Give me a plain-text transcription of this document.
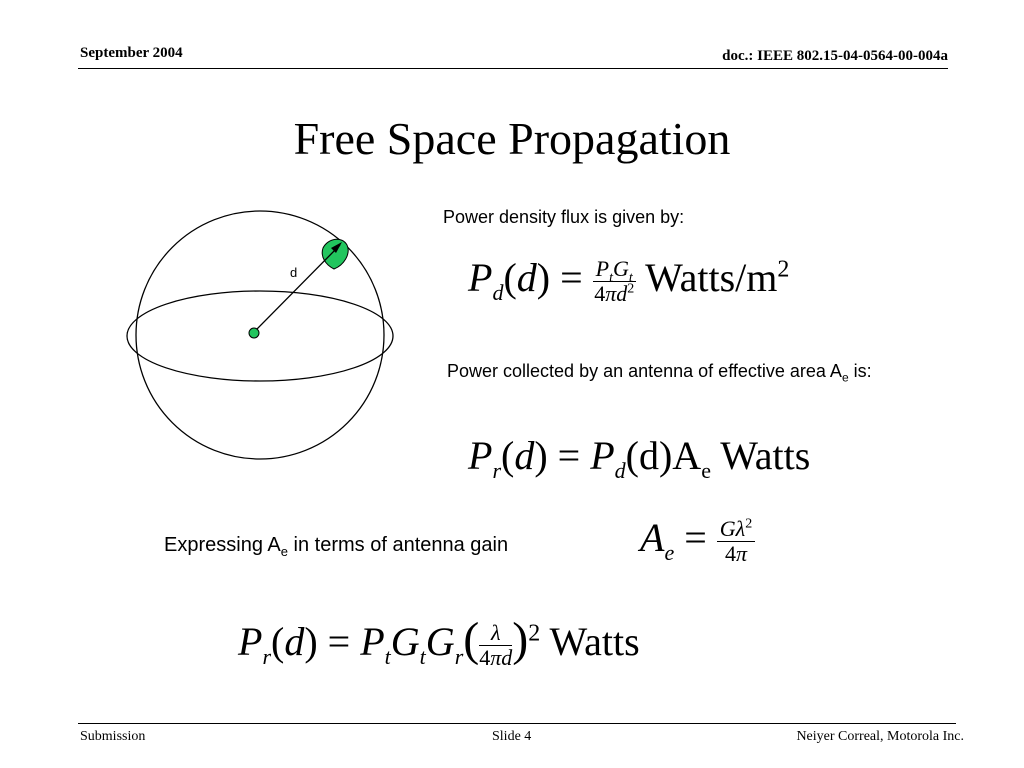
September 2004	doc.: IEEE 802.15-04-0564-00-004a
Free Space Propagation
d
Power density flux is given by:
$P_d(d) = \frac{P_tG_t}{4\pi d^2}$ Watts/$m^2$
Power collected by an antenna of effective area $A_e$ is:
$P_r(d) = P_d(d)A_e$ Watts
Expressing $A_e$ in terms of antenna gain	$A_e = \frac{G\lambda^2}{4\pi}$
$P_r(d) = P_tG_tG_r( \frac{\lambda}{4\pi d} )^2$ Watts
Submission	Slide 4	Neiyer Correal, Motorola Inc.
